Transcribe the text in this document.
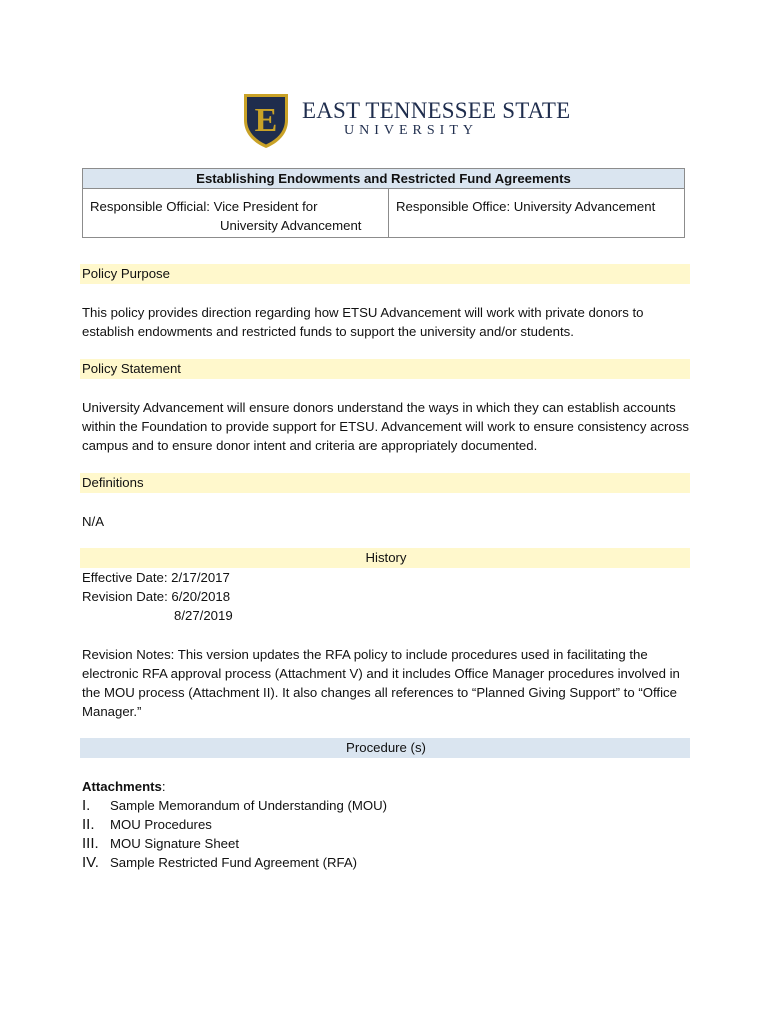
E EAST TENNESSEE STATE
UNIVERSITY
Establishing Endowments and Restricted Fund Agreements

Responsible Official: Vice President for
University Advancement
	Responsible Office: University Advancement
Policy Purpose
This policy provides direction regarding how ETSU Advancement will work with private donors to establish endowments and restricted funds to support the university and/or students.
Policy Statement
University Advancement will ensure donors understand the ways in which they can establish accounts within the Foundation to provide support for ETSU. Advancement will work to ensure consistency across campus and to ensure donor intent and criteria are appropriately documented.
Definitions
N/A
History
Effective Date: 2/17/2017
Revision Date: 6/20/2018
8/27/2019
Revision Notes: This version updates the RFA policy to include procedures used in facilitating the electronic RFA approval process (Attachment V) and it includes Office Manager procedures involved in the MOU process (Attachment II). It also changes all references to “Planned Giving Support” to “Office Manager.”
Procedure (s)
Attachments:
I. Sample Memorandum of Understanding (MOU)
II. MOU Procedures
III. MOU Signature Sheet
IV. Sample Restricted Fund Agreement (RFA)
